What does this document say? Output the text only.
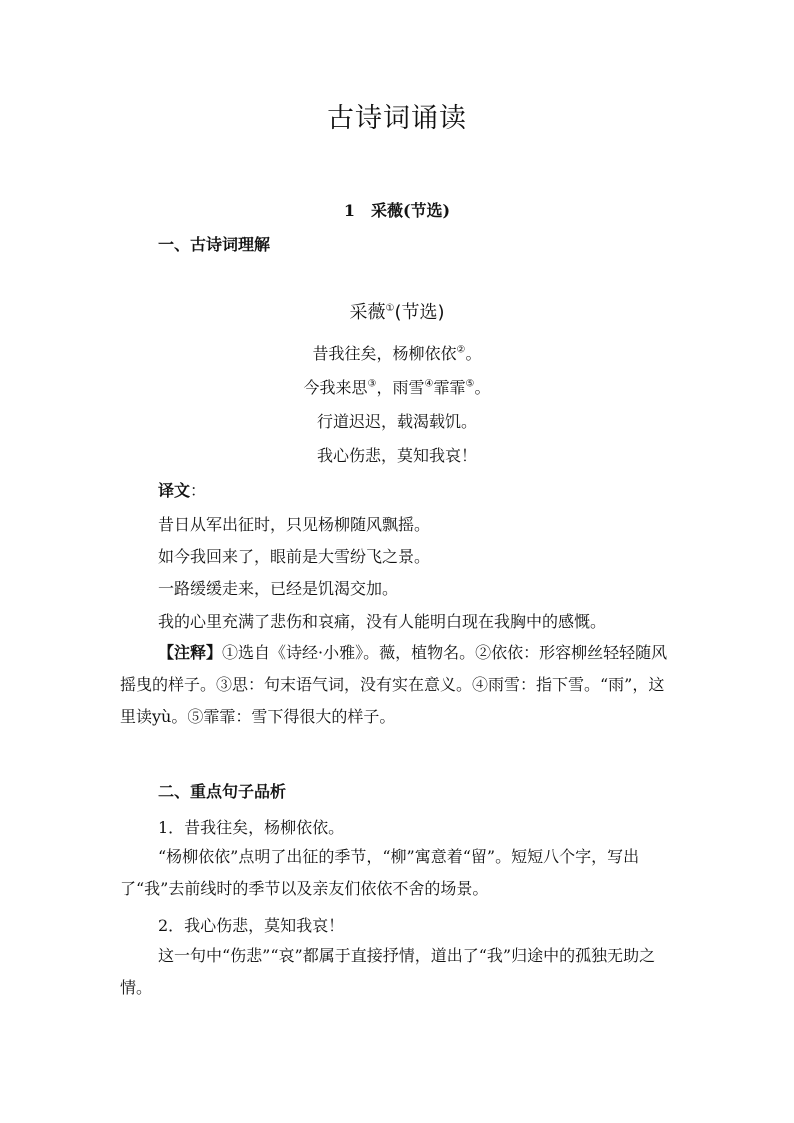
古诗词诵读
1 采薇(节选)
一、古诗词理解
采薇①(节选)
昔我往矣，杨柳依依②。
今我来思③，雨雪④霏霏⑤。
行道迟迟，载渴载饥。
我心伤悲，莫知我哀！
译文：
昔日从军出征时，只见杨柳随风飘摇。
如今我回来了，眼前是大雪纷飞之景。
一路缓缓走来，已经是饥渴交加。
我的心里充满了悲伤和哀痛，没有人能明白现在我胸中的感慨。

【注释】①选自《诗经·小雅》。薇，植物名。②依依：形容柳丝轻轻随风摇曳的样子。③思：句末语气词，没有实在意义。④雨雪：指下雪。“雨”，这里读yù。⑤霏霏：雪下得很大的样子。

二、重点句子品析
1．昔我往矣，杨柳依依。

“杨柳依依”点明了出征的季节，“柳”寓意着“留”。短短八个字，写出了“我”去前线时的季节以及亲友们依依不舍的场景。

2．我心伤悲，莫知我哀！

这一句中“伤悲”“哀”都属于直接抒情，道出了“我”归途中的孤独无助之情。
